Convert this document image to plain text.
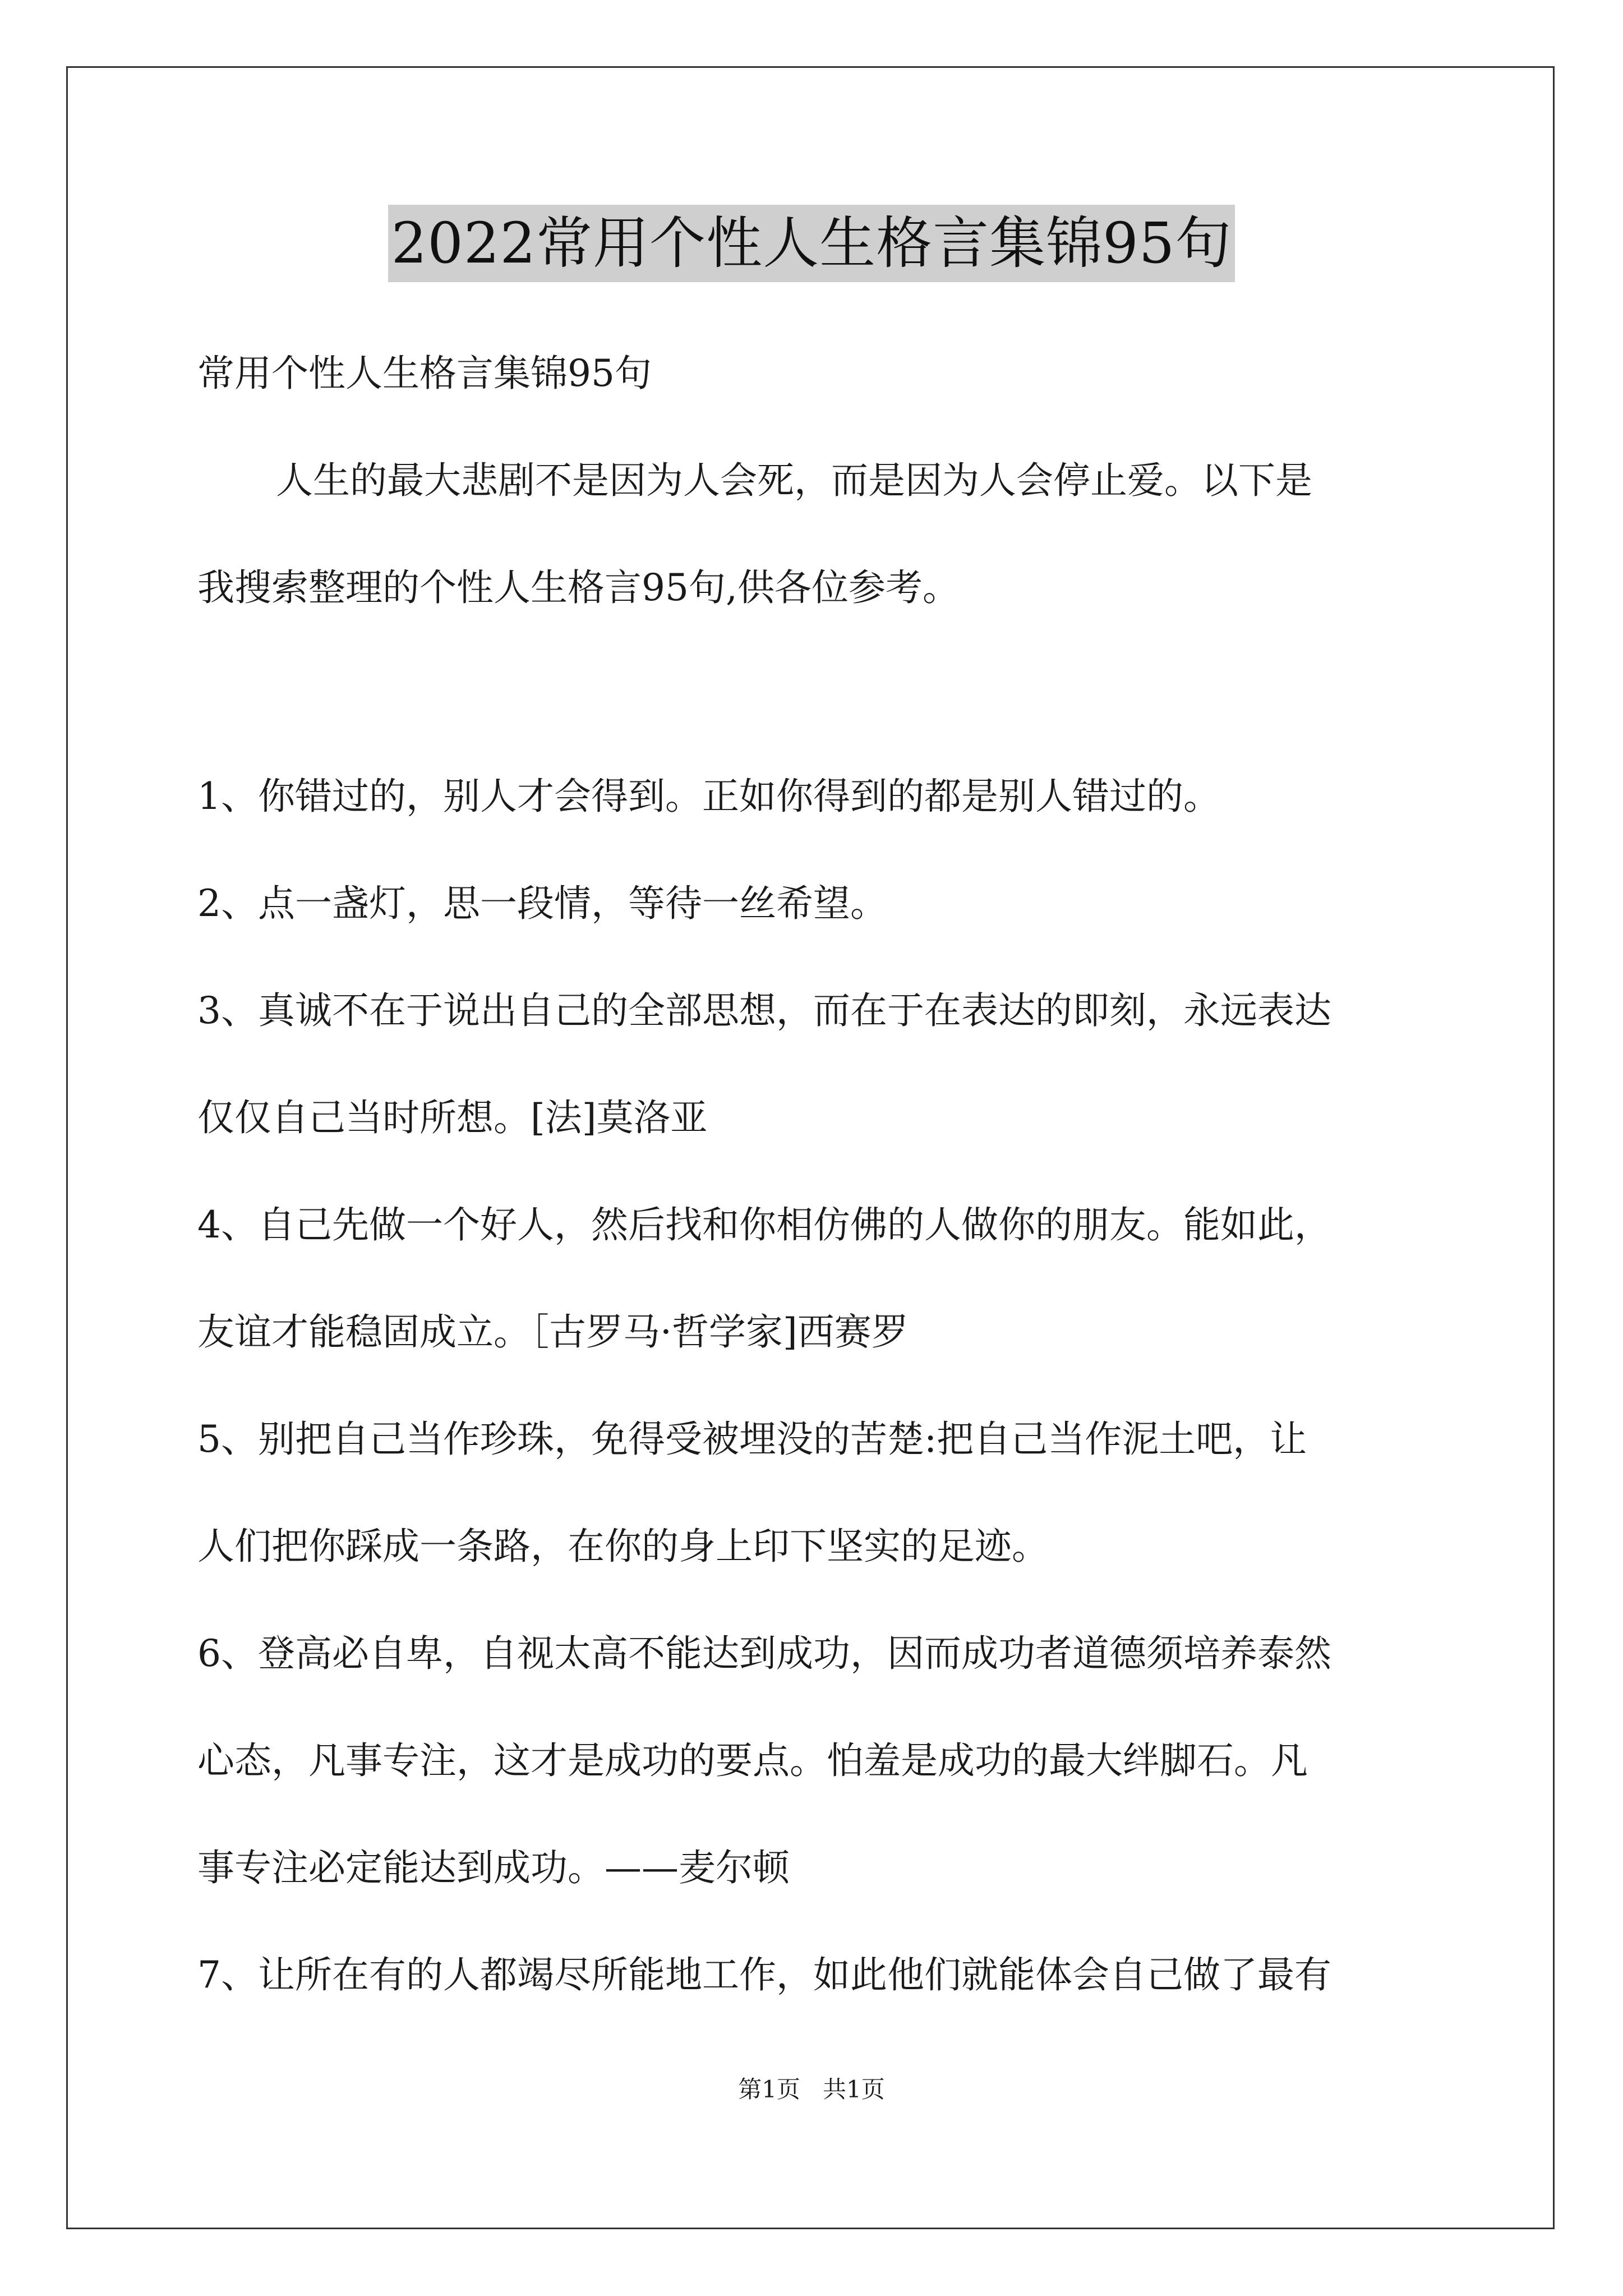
2022常用个性人生格言集锦95句
常用个性人生格言集锦95句
人生的最大悲剧不是因为人会死，而是因为人会停止爱。以下是
我搜索整理的个性人生格言95句,供各位参考。
1、你错过的，别人才会得到。正如你得到的都是别人错过的。
2、点一盏灯，思一段情，等待一丝希望。
3、真诚不在于说出自己的全部思想，而在于在表达的即刻，永远表达
仅仅自己当时所想。[法]莫洛亚
4、自己先做一个好人，然后找和你相仿佛的人做你的朋友。能如此，
友谊才能稳固成立。［古罗马·哲学家]西赛罗
5、别把自己当作珍珠，免得受被埋没的苦楚:把自己当作泥土吧，让
人们把你踩成一条路，在你的身上印下坚实的足迹。
6、登高必自卑，自视太高不能达到成功，因而成功者道德须培养泰然
心态，凡事专注，这才是成功的要点。怕羞是成功的最大绊脚石。凡
事专注必定能达到成功。——麦尔顿
7、让所在有的人都竭尽所能地工作，如此他们就能体会自己做了最有
第1页 共1页
